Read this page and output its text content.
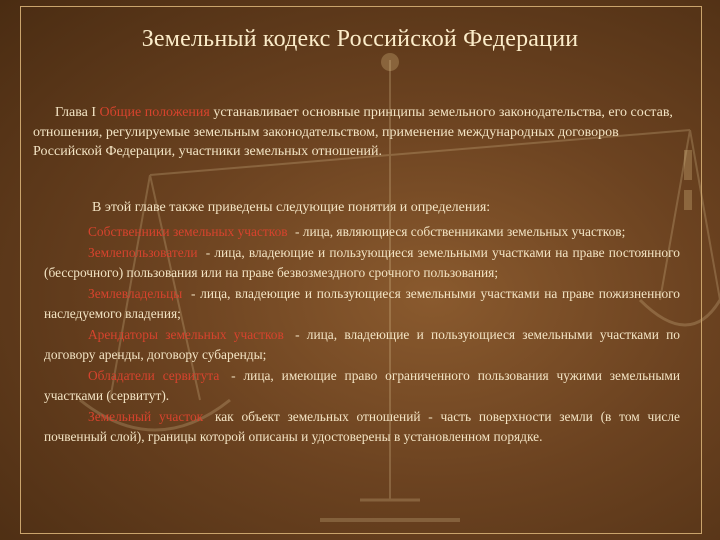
Земельный кодекс Российской Федерации
Глава I Общие положения устанавливает основные принципы земельного законодательства, его состав, отношения, регулируемые земельным законодательством, применение международных договоров Российской Федерации, участники земельных отношений.
В этой главе также приведены следующие понятия и определения:

Собственники земельных участков - лица, являющиеся собственниками земельных участков;

Землепользователи - лица, владеющие и пользующиеся земельными участками на праве постоянного (бессрочного) пользования или на праве безвозмездного срочного пользования;

Землевладельцы - лица, владеющие и пользующиеся земельными участками на праве пожизненного наследуемого владения;

Арендаторы земельных участков - лица, владеющие и пользующиеся земельными участками по договору аренды, договору субаренды;

Обладатели сервитута - лица, имеющие право ограниченного пользования чужими земельными участками (сервитут).

Земельный участок как объект земельных отношений - часть поверхности земли (в том числе почвенный слой), границы которой описаны и удостоверены в установленном порядке.
